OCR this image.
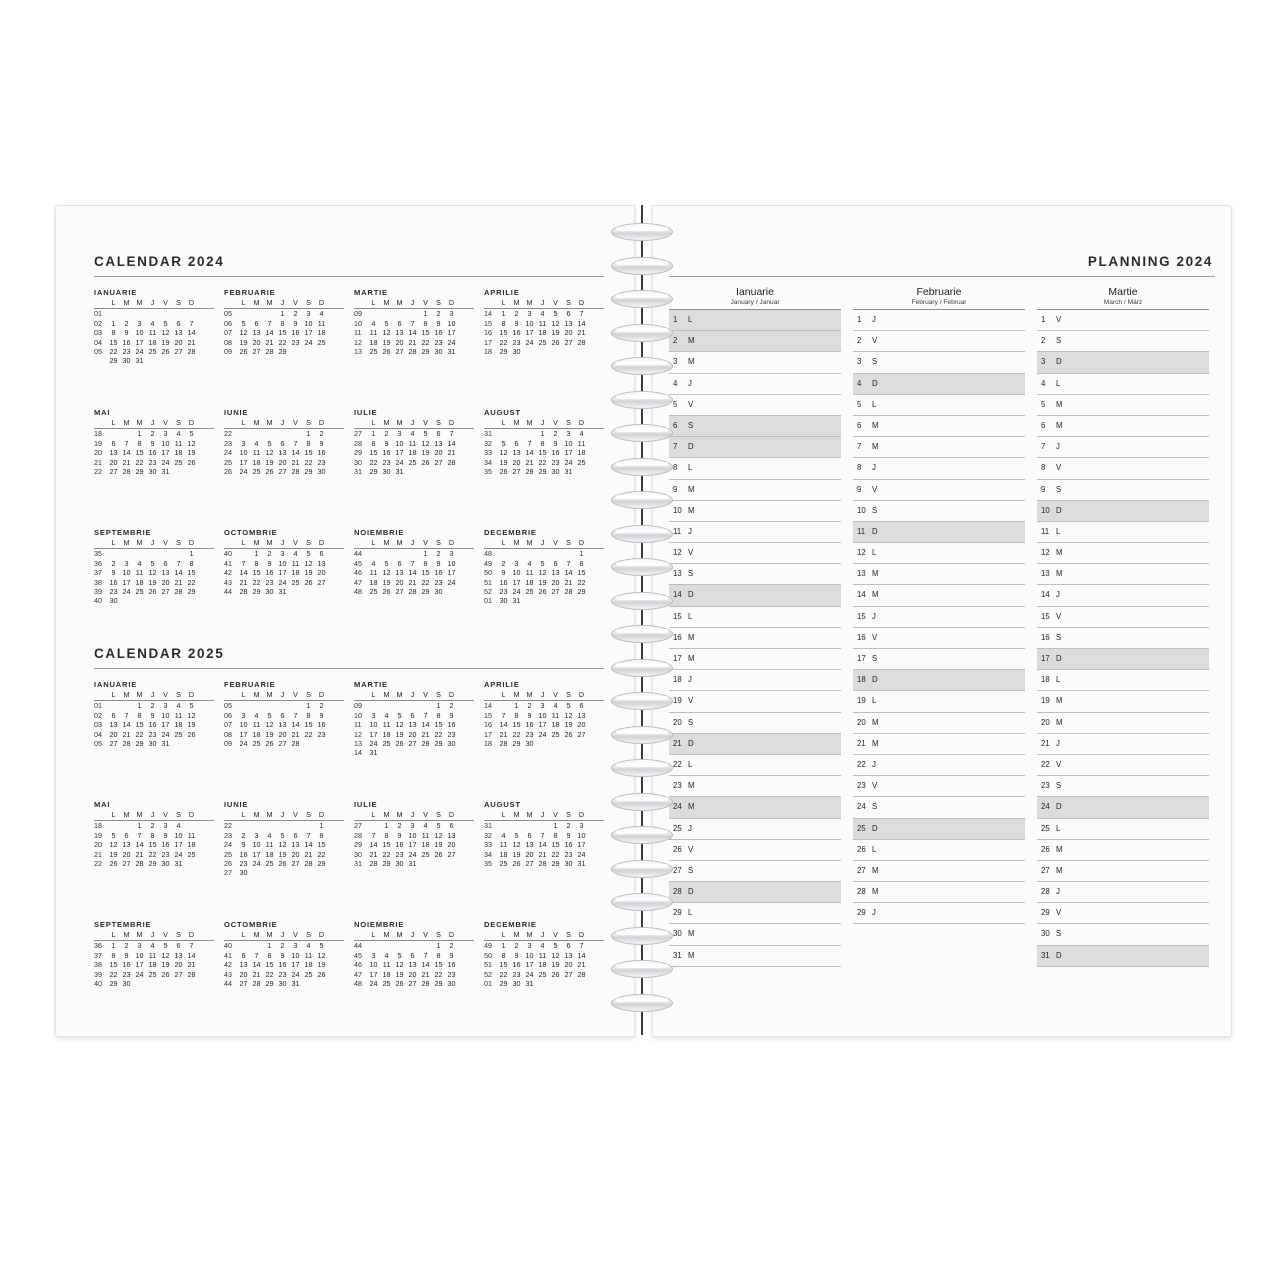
CALENDAR 2024
IANUARIE
	L	M	M	J	V	S	D
01								
02	1	2	3	4	5	6	7	
03	8	9	10	11	12	13	14	
04	15	16	17	18	19	20	21	
05	22	23	24	25	26	27	28	
	29	30	31					
FEBRUARIE
	L	M	M	J	V	S	D
05				1	2	3	4
06	5	6	7	8	9	10	11
07	12	13	14	15	16	17	18
08	19	20	21	22	23	24	25
09	26	27	28	29			
MARTIE
	L	M	M	J	V	S	D
09					1	2	3
10	4	5	6	7	8	9	10
11	11	12	13	14	15	16	17
12	18	19	20	21	22	23	24
13	25	26	27	28	29	30	31
APRILIE
	L	M	M	J	V	S	D
14	1	2	3	4	5	6	7
15	8	9	10	11	12	13	14
16	15	16	17	18	19	20	21
17	22	23	24	25	26	27	28
18	29	30					
MAI
	L	M	M	J	V	S	D
18			1	2	3	4	5
19	6	7	8	9	10	11	12
20	13	14	15	16	17	18	19
21	20	21	22	23	24	25	26
22	27	28	29	30	31		
IUNIE
	L	M	M	J	V	S	D
22						1	2
23	3	4	5	6	7	8	9
24	10	11	12	13	14	15	16
25	17	18	19	20	21	22	23
26	24	25	26	27	28	29	30
IULIE
	L	M	M	J	V	S	D
27	1	2	3	4	5	6	7
28	8	9	10	11	12	13	14
29	15	16	17	18	19	20	21
30	22	23	24	25	26	27	28
31	29	30	31				
AUGUST
	L	M	M	J	V	S	D
31				1	2	3	4
32	5	6	7	8	9	10	11
33	12	13	14	15	16	17	18
34	19	20	21	22	23	24	25
35	26	27	28	29	30	31	
SEPTEMBRIE
	L	M	M	J	V	S	D
35							1
36	2	3	4	5	6	7	8
37	9	10	11	12	13	14	15
38	16	17	18	19	20	21	22
39	23	24	25	26	27	28	29
40	30						
OCTOMBRIE
	L	M	M	J	V	S	D
40		1	2	3	4	5	6
41	7	8	9	10	11	12	13
42	14	15	16	17	18	19	20
43	21	22	23	24	25	26	27
44	28	29	30	31			
NOIEMBRIE
	L	M	M	J	V	S	D
44					1	2	3
45	4	5	6	7	8	9	10
46	11	12	13	14	15	16	17
47	18	19	20	21	22	23	24
48	25	26	27	28	29	30	
DECEMBRIE
	L	M	M	J	V	S	D
48							1
49	2	3	4	5	6	7	8
50	9	10	11	12	13	14	15
51	16	17	18	19	20	21	22
52	23	24	25	26	27	28	29
01	30	31					
CALENDAR 2025
IANUARIE
	L	M	M	J	V	S	D
01			1	2	3	4	5
02	6	7	8	9	10	11	12
03	13	14	15	16	17	18	19
04	20	21	22	23	24	25	26
05	27	28	29	30	31		
FEBRUARIE
	L	M	M	J	V	S	D
05						1	2
06	3	4	5	6	7	8	9
07	10	11	12	13	14	15	16
08	17	18	19	20	21	22	23
09	24	25	26	27	28		
MARTIE
	L	M	M	J	V	S	D
09						1	2
10	3	4	5	6	7	8	9
11	10	11	12	13	14	15	16
12	17	18	19	20	21	22	23
13	24	25	26	27	28	29	30
14	31						
APRILIE
	L	M	M	J	V	S	D
14		1	2	3	4	5	6
15	7	8	9	10	11	12	13
16	14	15	16	17	18	19	20
17	21	22	23	24	25	26	27
18	28	29	30				
MAI
	L	M	M	J	V	S	D
18			1	2	3	4	
19	5	6	7	8	9	10	11
20	12	13	14	15	16	17	18
21	19	20	21	22	23	24	25
22	26	27	28	29	30	31	
IUNIE
	L	M	M	J	V	S	D
22							1
23	2	3	4	5	6	7	8
24	9	10	11	12	13	14	15
25	16	17	18	19	20	21	22
26	23	24	25	26	27	28	29
27	30						
IULIE
	L	M	M	J	V	S	D
27		1	2	3	4	5	6
28	7	8	9	10	11	12	13
29	14	15	16	17	18	19	20
30	21	22	23	24	25	26	27
31	28	29	30	31			
AUGUST
	L	M	M	J	V	S	D
31					1	2	3
32	4	5	6	7	8	9	10
33	11	12	13	14	15	16	17
34	18	19	20	21	22	23	24
35	25	26	27	28	29	30	31
SEPTEMBRIE
	L	M	M	J	V	S	D
36	1	2	3	4	5	6	7
37	8	9	10	11	12	13	14
38	15	16	17	18	19	20	21
39	22	23	24	25	26	27	28
40	29	30					
OCTOMBRIE
	L	M	M	J	V	S	D
40			1	2	3	4	5
41	6	7	8	9	10	11	12
42	13	14	15	16	17	18	19
43	20	21	22	23	24	25	26
44	27	28	29	30	31		
NOIEMBRIE
	L	M	M	J	V	S	D
44						1	2
45	3	4	5	6	7	8	9
46	10	11	12	13	14	15	16
47	17	18	19	20	21	22	23
48	24	25	26	27	28	29	30
DECEMBRIE
	L	M	M	J	V	S	D
49	1	2	3	4	5	6	7
50	8	9	10	11	12	13	14
51	15	16	17	18	19	20	21
52	22	23	24	25	26	27	28
01	29	30	31				
PLANNING 2024
Ianuarie
January / Januar
1 L
2 M
3 M
4 J
5 V
6 S
7 D
8 L
9 M
10 M
11 J
12 V
13 S
14 D
15 L
16 M
17 M
18 J
19 V
20 S
21 D
22 L
23 M
24 M
25 J
26 V
27 S
28 D
29 L
30 M
31 M
Februarie
February / Februar
1 J
2 V
3 S
4 D
5 L
6 M
7 M
8 J
9 V
10 S
11 D
12 L
13 M
14 M
15 J
16 V
17 S
18 D
19 L
20 M
21 M
22 J
23 V
24 S
25 D
26 L
27 M
28 M
29 J
Martie
March / März
1 V
2 S
3 D
4 L
5 M
6 M
7 J
8 V
9 S
10 D
11 L
12 M
13 M
14 J
15 V
16 S
17 D
18 L
19 M
20 M
21 J
22 V
23 S
24 D
25 L
26 M
27 M
28 J
29 V
30 S
31 D
